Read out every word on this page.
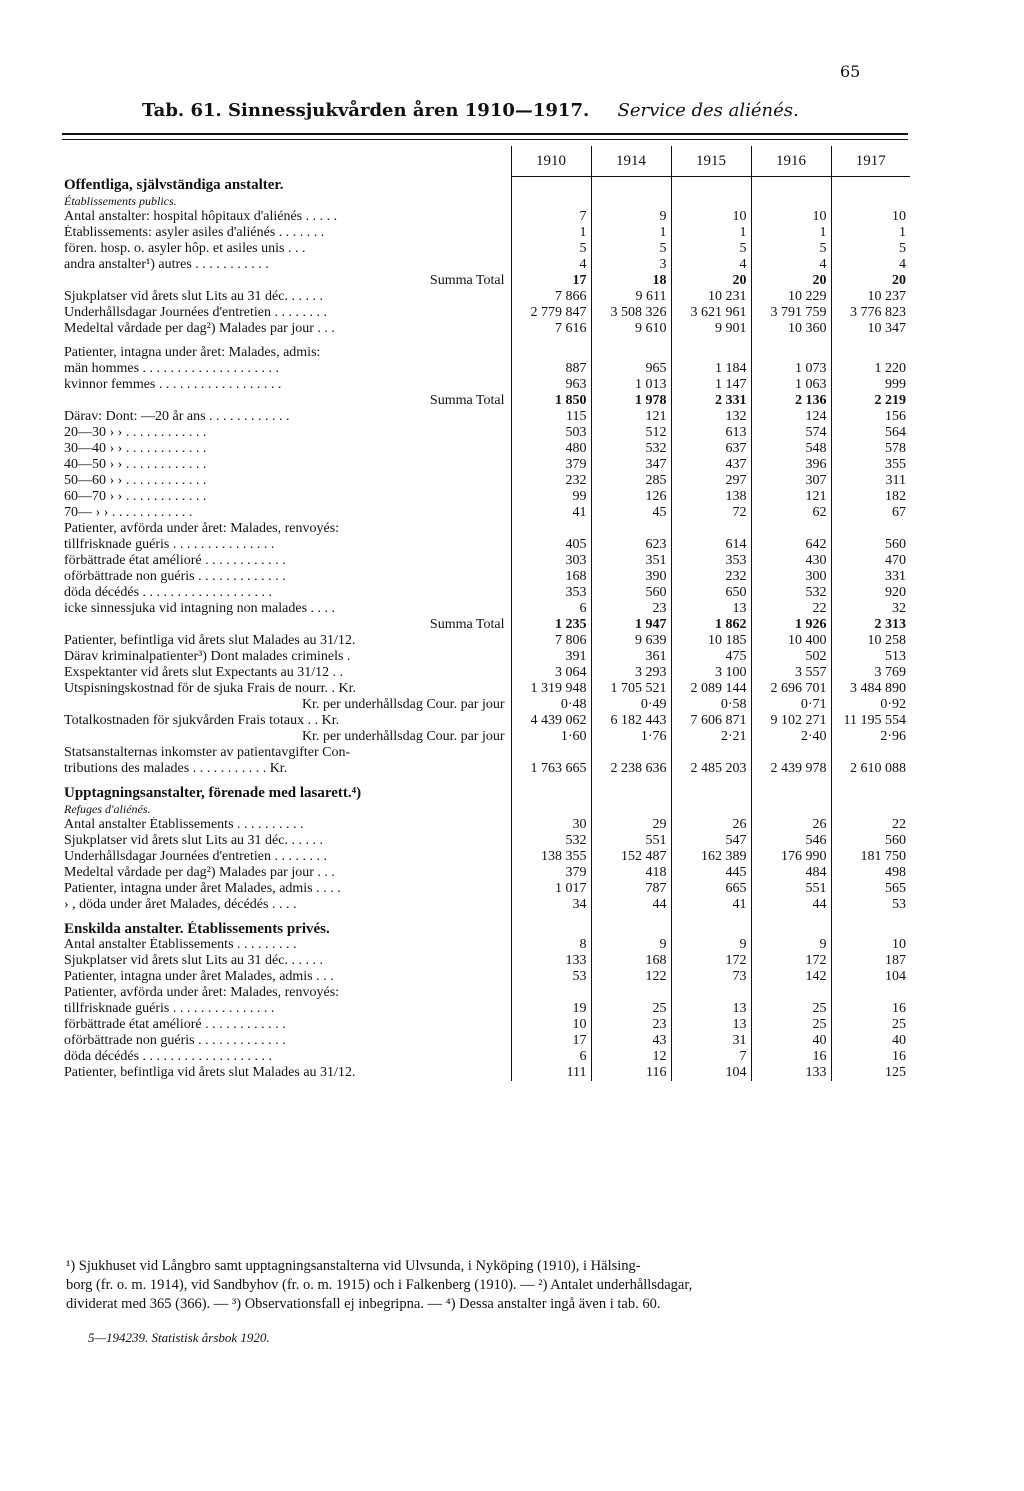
65
Tab. 61. Sinnessjukvården åren 1910—1917. Service des aliénés.
	1910	1914	1915	1916	1917
Offentliga, självständiga anstalter.					
Établissements publics.					
Antal anstalter: hospital hôpitaux d'aliénés . . . . .	7	9	10	10	10
Établissements: asyler asiles d'aliénés . . . . . . .	1	1	1	1	1
fören. hosp. o. asyler hôp. et asiles unis . . .	5	5	5	5	5
andra anstalter¹) autres . . . . . . . . . . .	4	3	4	4	4
Summa Total	17	18	20	20	20
Sjukplatser vid årets slut Lits au 31 déc. . . . . .	7 866	9 611	10 231	10 229	10 237
Underhållsdagar Journées d'entretien . . . . . . . .	2 779 847	3 508 326	3 621 961	3 791 759	3 776 823
Medeltal vårdade per dag²) Malades par jour . . .	7 616	9 610	9 901	10 360	10 347

Patienter, intagna under året: Malades, admis:					
män hommes . . . . . . . . . . . . . . . . . . . .	887	965	1 184	1 073	1 220
kvinnor femmes . . . . . . . . . . . . . . . . . .	963	1 013	1 147	1 063	999
Summa Total	1 850	1 978	2 331	2 136	2 219
Därav: Dont: —20 år ans . . . . . . . . . . . .	115	121	132	124	156
20—30 › › . . . . . . . . . . . .	503	512	613	574	564
30—40 › › . . . . . . . . . . . .	480	532	637	548	578
40—50 › › . . . . . . . . . . . .	379	347	437	396	355
50—60 › › . . . . . . . . . . . .	232	285	297	307	311
60—70 › › . . . . . . . . . . . .	99	126	138	121	182
70— › › . . . . . . . . . . . .	41	45	72	62	67
Patienter, avförda under året: Malades, renvoyés:					
tillfrisknade guéris . . . . . . . . . . . . . . .	405	623	614	642	560
förbättrade état amélioré . . . . . . . . . . . .	303	351	353	430	470
oförbättrade non guéris . . . . . . . . . . . . .	168	390	232	300	331
döda décédés . . . . . . . . . . . . . . . . . . .	353	560	650	532	920
icke sinnessjuka vid intagning non malades . . . .	6	23	13	22	32
Summa Total	1 235	1 947	1 862	1 926	2 313
Patienter, befintliga vid årets slut Malades au 31/12.	7 806	9 639	10 185	10 400	10 258
Därav kriminalpatienter³) Dont malades criminels .	391	361	475	502	513
Exspektanter vid årets slut Expectants au 31/12 . .	3 064	3 293	3 100	3 557	3 769
Utspisningskostnad för de sjuka Frais de nourr. . Kr.	1 319 948	1 705 521	2 089 144	2 696 701	3 484 890
Kr. per underhållsdag Cour. par jour	0·48	0·49	0·58	0·71	0·92
Totalkostnaden för sjukvården Frais totaux . . Kr.	4 439 062	6 182 443	7 606 871	9 102 271	11 195 554
Kr. per underhållsdag Cour. par jour	1·60	1·76	2·21	2·40	2·96
Statsanstalternas inkomster av patientavgifter Con-					
tributions des malades . . . . . . . . . . . Kr.	1 763 665	2 238 636	2 485 203	2 439 978	2 610 088

Upptagningsanstalter, förenade med lasarett.⁴)					
Refuges d'aliénés.					
Antal anstalter Établissements . . . . . . . . . .	30	29	26	26	22
Sjukplatser vid årets slut Lits au 31 déc. . . . . .	532	551	547	546	560
Underhållsdagar Journées d'entretien . . . . . . . .	138 355	152 487	162 389	176 990	181 750
Medeltal vårdade per dag²) Malades par jour . . .	379	418	445	484	498
Patienter, intagna under året Malades, admis . . . .	1 017	787	665	551	565
› , döda under året Malades, décédés . . . .	34	44	41	44	53

Enskilda anstalter. Établissements privés.					
Antal anstalter Établissements . . . . . . . . .	8	9	9	9	10
Sjukplatser vid årets slut Lits au 31 déc. . . . . .	133	168	172	172	187
Patienter, intagna under året Malades, admis . . .	53	122	73	142	104
Patienter, avförda under året: Malades, renvoyés:					
tillfrisknade guéris . . . . . . . . . . . . . . .	19	25	13	25	16
förbättrade état amélioré . . . . . . . . . . . .	10	23	13	25	25
oförbättrade non guéris . . . . . . . . . . . . .	17	43	31	40	40
döda décédés . . . . . . . . . . . . . . . . . . .	6	12	7	16	16
Patienter, befintliga vid årets slut Malades au 31/12.	111	116	104	133	125
¹) Sjukhuset vid Långbro samt upptagningsanstalterna vid Ulvsunda, i Nyköping (1910), i Hälsing-
borg (fr. o. m. 1914), vid Sandbyhov (fr. o. m. 1915) och i Falkenberg (1910). — ²) Antalet underhållsdagar,
dividerat med 365 (366). — ³) Observationsfall ej inbegripna. — ⁴) Dessa anstalter ingå även i tab. 60.
5—194239. Statistisk årsbok 1920.
